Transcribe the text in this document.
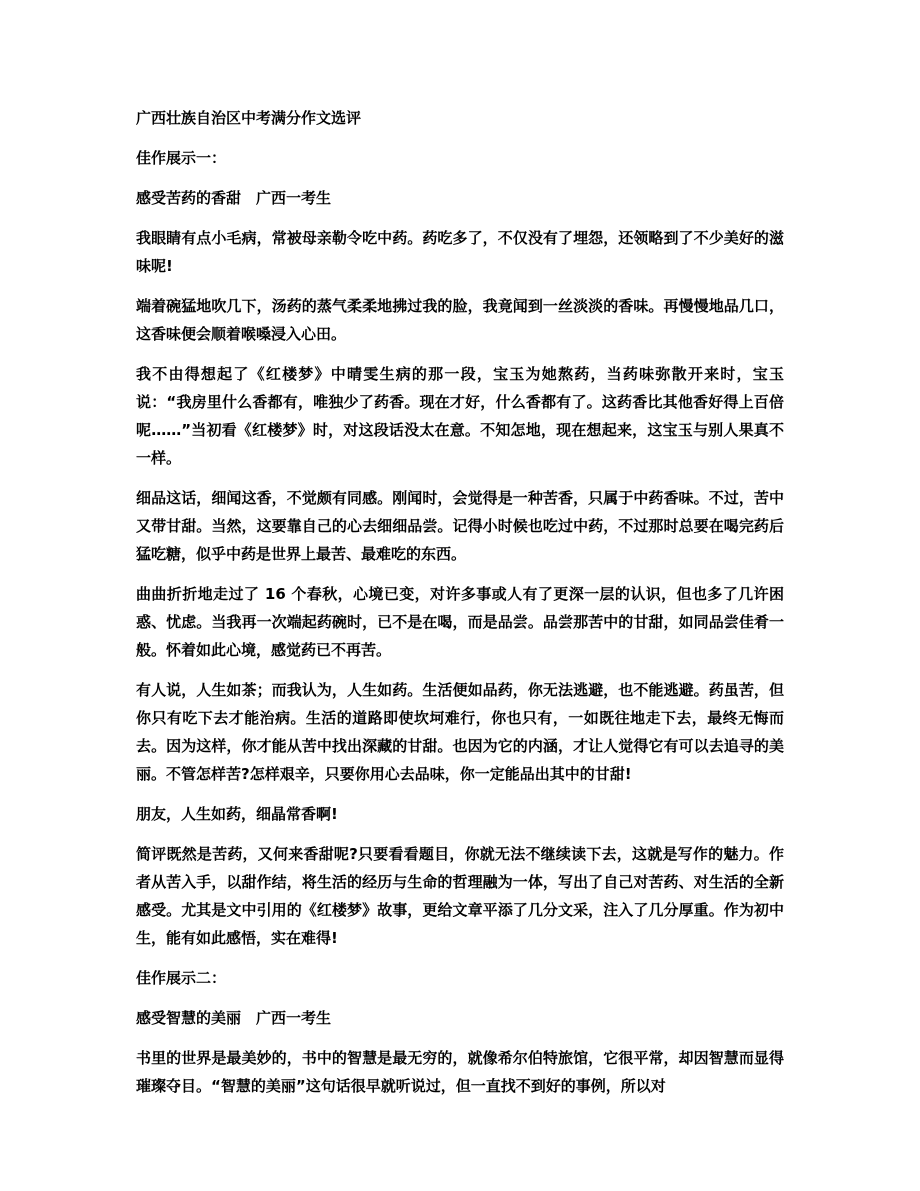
广西壮族自治区中考满分作文选评

佳作展示一：

感受苦药的香甜　广西一考生

我眼睛有点小毛病，常被母亲勒令吃中药。药吃多了，不仅没有了埋怨，还领略到了不少美好的滋味呢!

端着碗猛地吹几下，汤药的蒸气柔柔地拂过我的脸，我竟闻到一丝淡淡的香味。再慢慢地品几口，这香味便会顺着喉嗓浸入心田。

我不由得想起了《红楼梦》中晴雯生病的那一段，宝玉为她熬药，当药味弥散开来时，宝玉说：“我房里什么香都有，唯独少了药香。现在才好，什么香都有了。这药香比其他香好得上百倍呢……”当初看《红楼梦》时，对这段话没太在意。不知怎地，现在想起来，这宝玉与别人果真不一样。

细品这话，细闻这香，不觉颇有同感。刚闻时，会觉得是一种苦香，只属于中药香味。不过，苦中又带甘甜。当然，这要靠自己的心去细细品尝。记得小时候也吃过中药，不过那时总要在喝完药后猛吃糖，似乎中药是世界上最苦、最难吃的东西。

曲曲折折地走过了 16 个春秋，心境已变，对许多事或人有了更深一层的认识，但也多了几许困惑、忧虑。当我再一次端起药碗时，已不是在喝，而是品尝。品尝那苦中的甘甜，如同品尝佳肴一般。怀着如此心境，感觉药已不再苦。

有人说，人生如茶；而我认为，人生如药。生活便如品药，你无法逃避，也不能逃避。药虽苦，但你只有吃下去才能治病。生活的道路即使坎坷难行，你也只有，一如既往地走下去，最终无悔而去。因为这样，你才能从苦中找出深藏的甘甜。也因为它的内涵，才让人觉得它有可以去追寻的美丽。不管怎样苦?怎样艰辛，只要你用心去品味，你一定能品出其中的甘甜!

朋友，人生如药，细晶常香啊!

简评既然是苦药，又何来香甜呢?只要看看题目，你就无法不继续读下去，这就是写作的魅力。作者从苦入手，以甜作结，将生活的经历与生命的哲理融为一体，写出了自己对苦药、对生活的全新感受。尤其是文中引用的《红楼梦》故事，更给文章平添了几分文采，注入了几分厚重。作为初中生，能有如此感悟，实在难得!

佳作展示二：

感受智慧的美丽　广西一考生

书里的世界是最美妙的，书中的智慧是最无穷的，就像希尔伯特旅馆，它很平常，却因智慧而显得璀璨夺目。“智慧的美丽”这句话很早就听说过，但一直找不到好的事例，所以对
